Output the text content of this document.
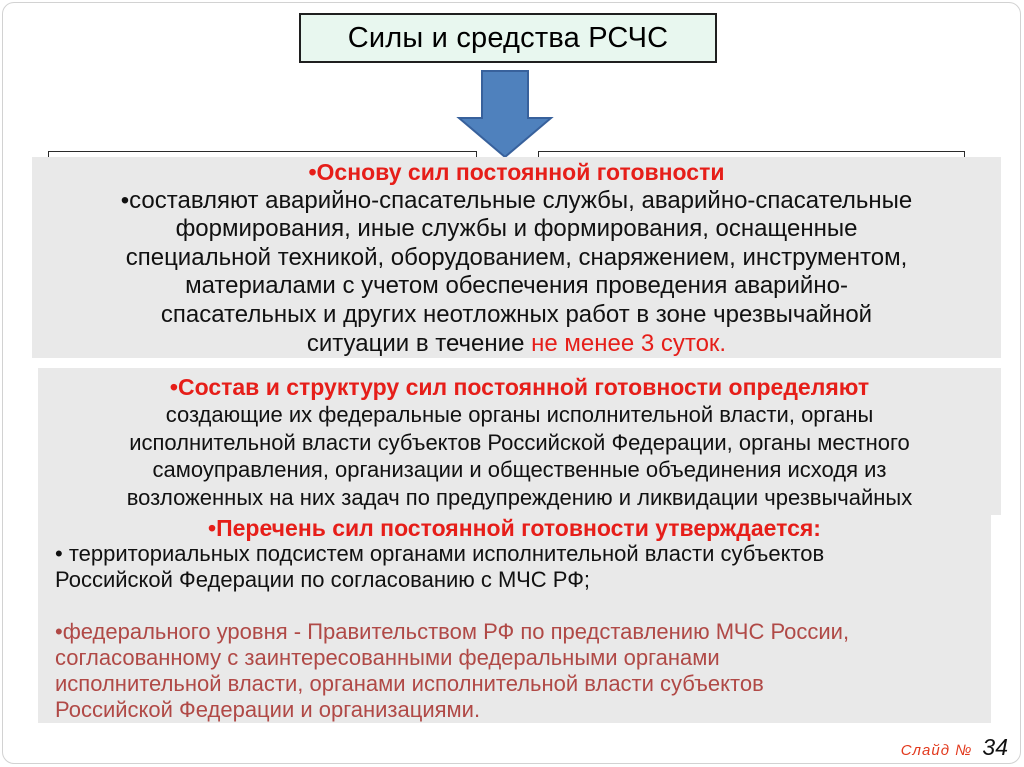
Силы и средства РСЧС
•Основу сил постоянной готовности
•составляют аварийно-спасательные службы, аварийно-спасательные
формирования, иные службы и формирования, оснащенные
специальной техникой, оборудованием, снаряжением, инструментом,
материалами с учетом обеспечения проведения аварийно-
спасательных и других неотложных работ в зоне чрезвычайной
ситуации в течение не менее 3 суток.
•Состав и структуру сил постоянной готовности определяют
создающие их федеральные органы исполнительной власти, органы
исполнительной власти субъектов Российской Федерации, органы местного
самоуправления, организации и общественные объединения исходя из
возложенных на них задач по предупреждению и ликвидации чрезвычайных
•Перечень сил постоянной готовности утверждается:
• территориальных подсистем органами исполнительной власти субъектов
Российской Федерации по согласованию с МЧС РФ;
•федерального уровня - Правительством РФ по представлению МЧС России,
согласованному с заинтересованными федеральными органами
исполнительной власти, органами исполнительной власти субъектов
Российской Федерации и организациями.
Слайд № 34
